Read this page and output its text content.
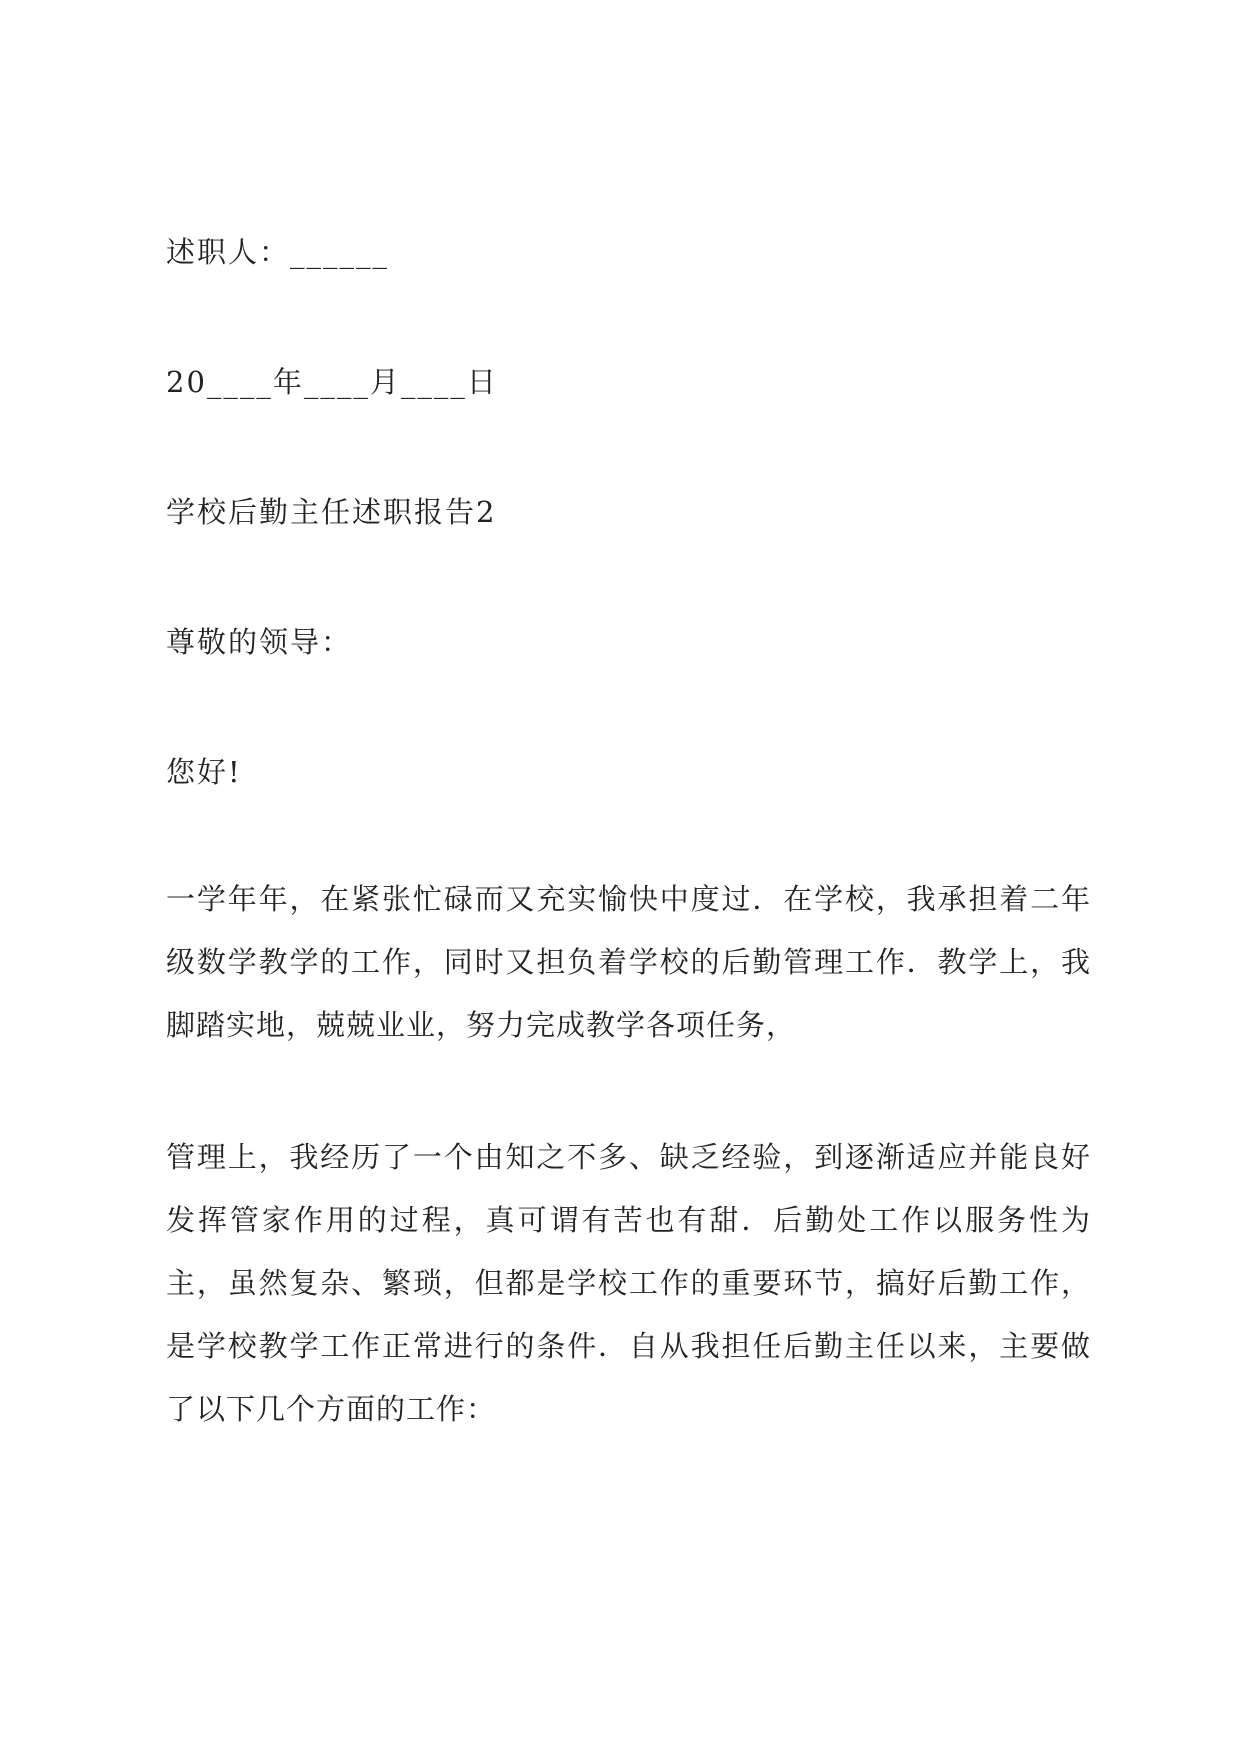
述职人：______
20____年____月____日
学校后勤主任述职报告2
尊敬的领导：
您好!
一学年年，在紧张忙碌而又充实愉快中度过．在学校，我承担着二年级数学教学的工作，同时又担负着学校的后勤管理工作．教学上，我脚踏实地，兢兢业业，努力完成教学各项任务，
管理上，我经历了一个由知之不多、缺乏经验，到逐渐适应并能良好发挥管家作用的过程，真可谓有苦也有甜．后勤处工作以服务性为主，虽然复杂、繁琐，但都是学校工作的重要环节，搞好后勤工作，是学校教学工作正常进行的条件．自从我担任后勤主任以来，主要做了以下几个方面的工作：
